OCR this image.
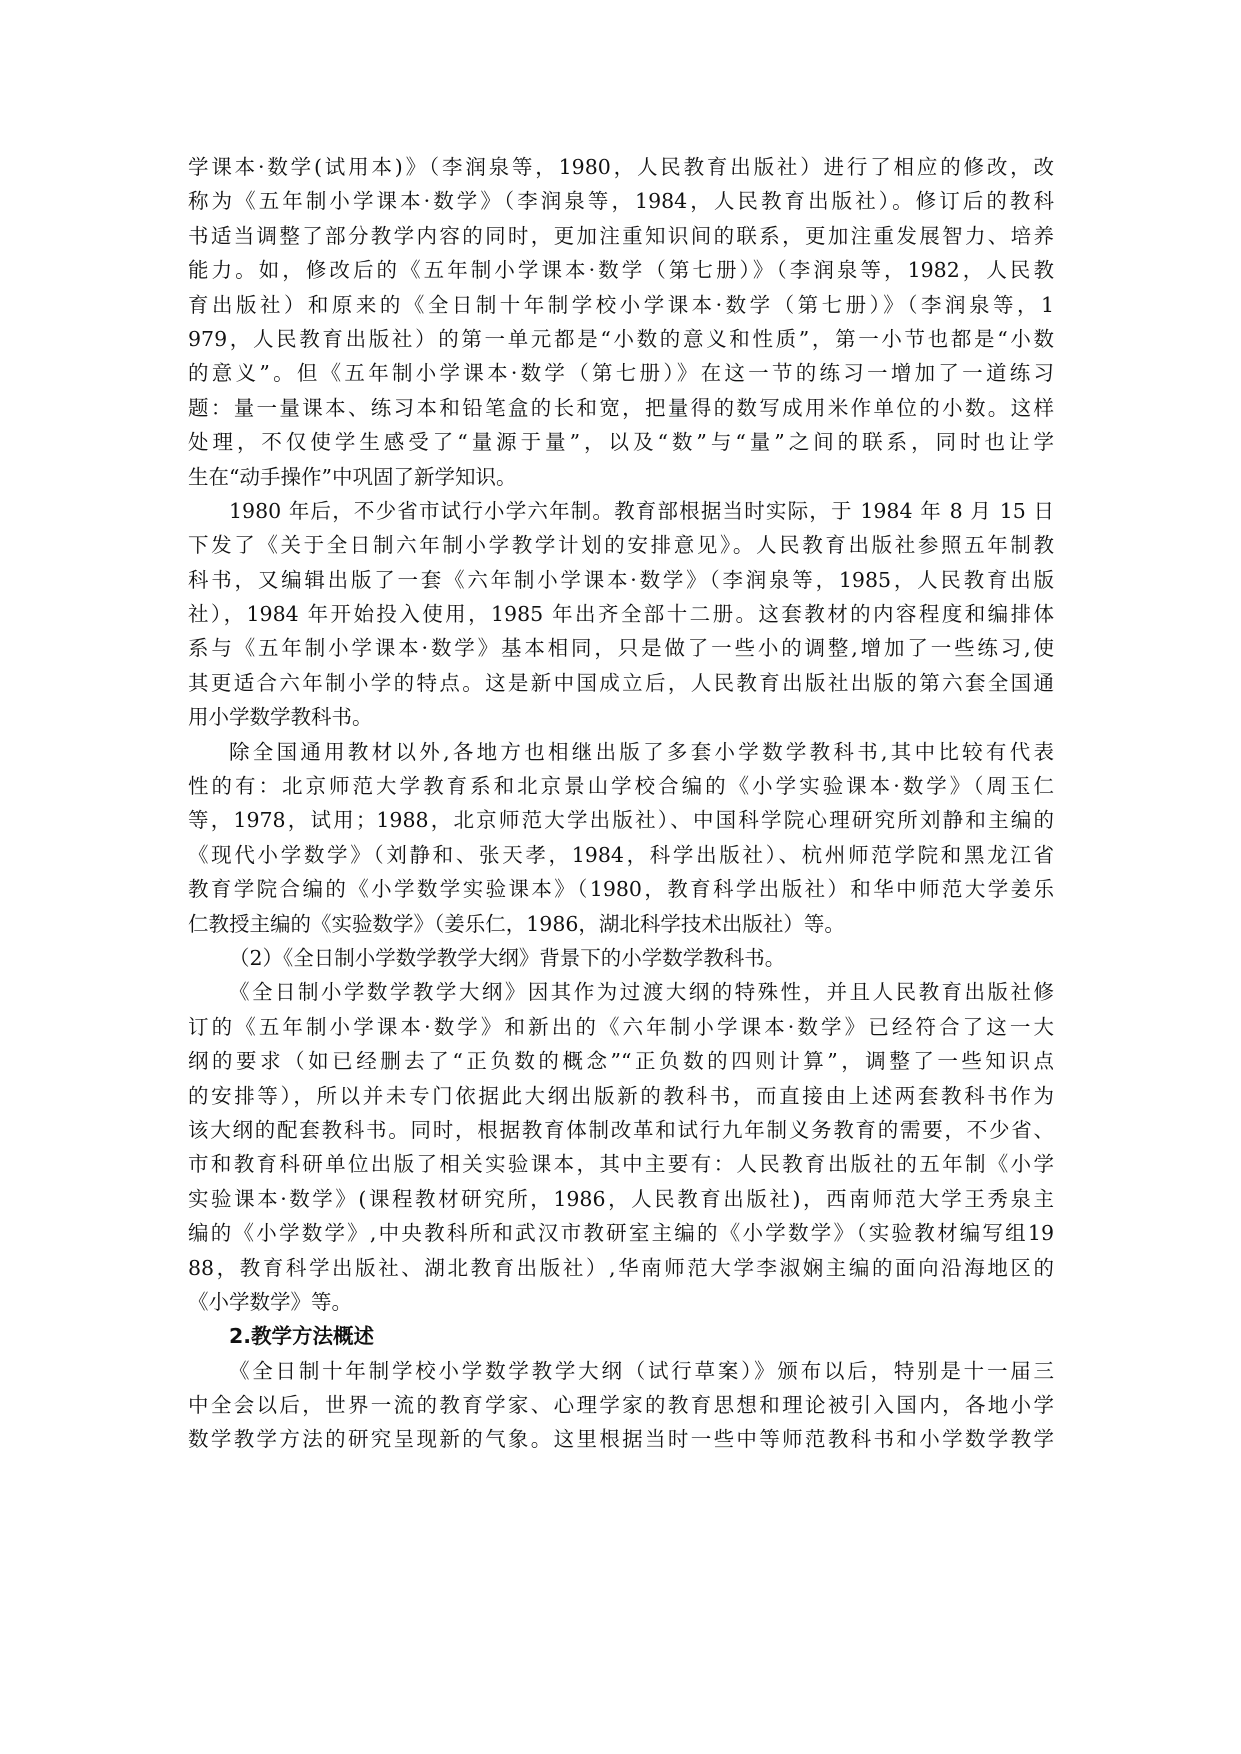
学课本·数学(试用本)》（李润泉等，1980，人民教育出版社）进行了相应的修改，改
称为《五年制小学课本·数学》（李润泉等，1984，人民教育出版社）。修订后的教科
书适当调整了部分教学内容的同时，更加注重知识间的联系，更加注重发展智力、培养
能力。如，修改后的《五年制小学课本·数学（第七册）》（李润泉等，1982，人民教
育出版社）和原来的《全日制十年制学校小学课本·数学（第七册）》（李润泉等，1
979，人民教育出版社）的第一单元都是“小数的意义和性质”，第一小节也都是“小数
的意义”。但《五年制小学课本·数学（第七册）》在这一节的练习一增加了一道练习
题：量一量课本、练习本和铅笔盒的长和宽，把量得的数写成用米作单位的小数。这样
处理，不仅使学生感受了“量源于量”，以及“数”与“量”之间的联系，同时也让学
生在“动手操作”中巩固了新学知识。
1980 年后，不少省市试行小学六年制。教育部根据当时实际，于 1984 年 8 月 15 日
下发了《关于全日制六年制小学教学计划的安排意见》。人民教育出版社参照五年制教
科书，又编辑出版了一套《六年制小学课本·数学》（李润泉等，1985，人民教育出版
社），1984 年开始投入使用，1985 年出齐全部十二册。这套教材的内容程度和编排体
系与《五年制小学课本·数学》基本相同，只是做了一些小的调整,增加了一些练习,使
其更适合六年制小学的特点。这是新中国成立后，人民教育出版社出版的第六套全国通
用小学数学教科书。
除全国通用教材以外,各地方也相继出版了多套小学数学教科书,其中比较有代表
性的有：北京师范大学教育系和北京景山学校合编的《小学实验课本·数学》（周玉仁
等，1978，试用；1988，北京师范大学出版社）、中国科学院心理研究所刘静和主编的
《现代小学数学》（刘静和、张天孝，1984，科学出版社）、杭州师范学院和黑龙江省
教育学院合编的《小学数学实验课本》（1980，教育科学出版社）和华中师范大学姜乐
仁教授主编的《实验数学》（姜乐仁，1986，湖北科学技术出版社）等。
（2）《全日制小学数学教学大纲》背景下的小学数学教科书。
《全日制小学数学教学大纲》因其作为过渡大纲的特殊性，并且人民教育出版社修
订的《五年制小学课本·数学》和新出的《六年制小学课本·数学》已经符合了这一大
纲的要求（如已经删去了“正负数的概念”“正负数的四则计算”，调整了一些知识点
的安排等），所以并未专门依据此大纲出版新的教科书，而直接由上述两套教科书作为
该大纲的配套教科书。同时，根据教育体制改革和试行九年制义务教育的需要，不少省、
市和教育科研单位出版了相关实验课本，其中主要有：人民教育出版社的五年制《小学
实验课本·数学》(课程教材研究所，1986，人民教育出版社)，西南师范大学王秀泉主
编的《小学数学》,中央教科所和武汉市教研室主编的《小学数学》（实验教材编写组19
88，教育科学出版社、湖北教育出版社）,华南师范大学李淑娴主编的面向沿海地区的
《小学数学》等。
2.教学方法概述
《全日制十年制学校小学数学教学大纲（试行草案）》颁布以后，特别是十一届三
中全会以后，世界一流的教育学家、心理学家的教育思想和理论被引入国内，各地小学
数学教学方法的研究呈现新的气象。这里根据当时一些中等师范教科书和小学数学教学
